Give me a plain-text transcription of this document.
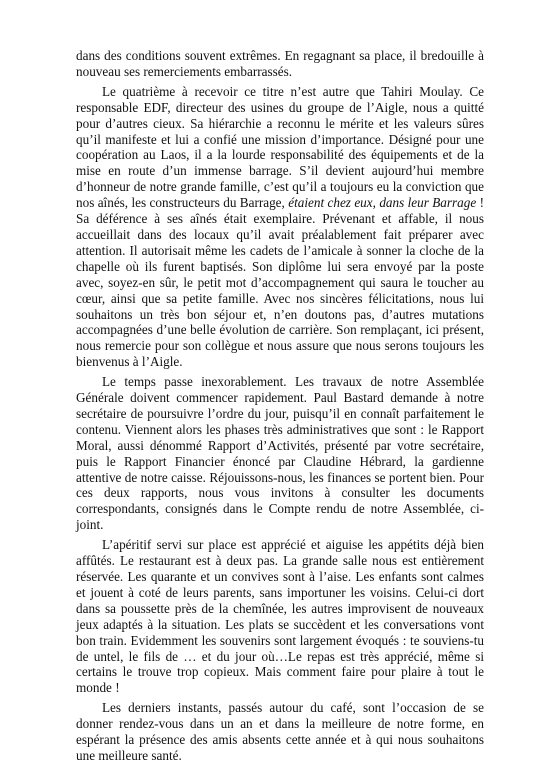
dans des conditions souvent extrêmes. En regagnant sa place, il bredouille à nouveau ses remerciements embarrassés.

Le quatrième à recevoir ce titre n’est autre que Tahiri Moulay. Ce responsable EDF, directeur des usines du groupe de l’Aigle, nous a quitté pour d’autres cieux. Sa hiérarchie a reconnu le mérite et les valeurs sûres qu’il manifeste et lui a confié une mission d’importance. Désigné pour une coopération au Laos, il a la lourde responsabilité des équipements et de la mise en route d’un immense barrage. S’il devient aujourd’hui membre d’honneur de notre grande famille, c’est qu’il a toujours eu la conviction que nos aînés, les constructeurs du Barrage, étaient chez eux, dans leur Barrage ! Sa déférence à ses aînés était exemplaire. Prévenant et affable, il nous accueillait dans des locaux qu’il avait préalablement fait préparer avec attention. Il autorisait même les cadets de l’amicale à sonner la cloche de la chapelle où ils furent baptisés. Son diplôme lui sera envoyé par la poste avec, soyez-en sûr, le petit mot d’accompagnement qui saura le toucher au cœur, ainsi que sa petite famille. Avec nos sincères félicitations, nous lui souhaitons un très bon séjour et, n’en doutons pas, d’autres mutations accompagnées d’une belle évolution de carrière. Son remplaçant, ici présent, nous remercie pour son collègue et nous assure que nous serons toujours les bienvenus à l’Aigle.

Le temps passe inexorablement. Les travaux de notre Assemblée Générale doivent commencer rapidement. Paul Bastard demande à notre secrétaire de poursuivre l’ordre du jour, puisqu’il en connaît parfaitement le contenu. Viennent alors les phases très administratives que sont : le Rapport Moral, aussi dénommé Rapport d’Activités, présenté par votre secrétaire, puis le Rapport Financier énoncé par Claudine Hébrard, la gardienne attentive de notre caisse. Réjouissons-nous, les finances se portent bien. Pour ces deux rapports, nous vous invitons à consulter les documents correspondants, consignés dans le Compte rendu de notre Assemblée, ci-joint.

L’apéritif servi sur place est apprécié et aiguise les appétits déjà bien affûtés. Le restaurant est à deux pas. La grande salle nous est entièrement réservée. Les quarante et un convives sont à l’aise. Les enfants sont calmes et jouent à coté de leurs parents, sans importuner les voisins. Celui-ci dort dans sa poussette près de la chemînée, les autres improvisent de nouveaux jeux adaptés à la situation. Les plats se succèdent et les conversations vont bon train. Evidemment les souvenirs sont largement évoqués : te souviens-tu de untel, le fils de … et du jour où…Le repas est très apprécié, même si certains le trouve trop copieux. Mais comment faire pour plaire à tout le monde !

Les derniers instants, passés autour du café, sont l’occasion de se donner rendez-vous dans un an et dans la meilleure de notre forme, en espérant la présence des amis absents cette année et à qui nous souhaitons une meilleure santé.
